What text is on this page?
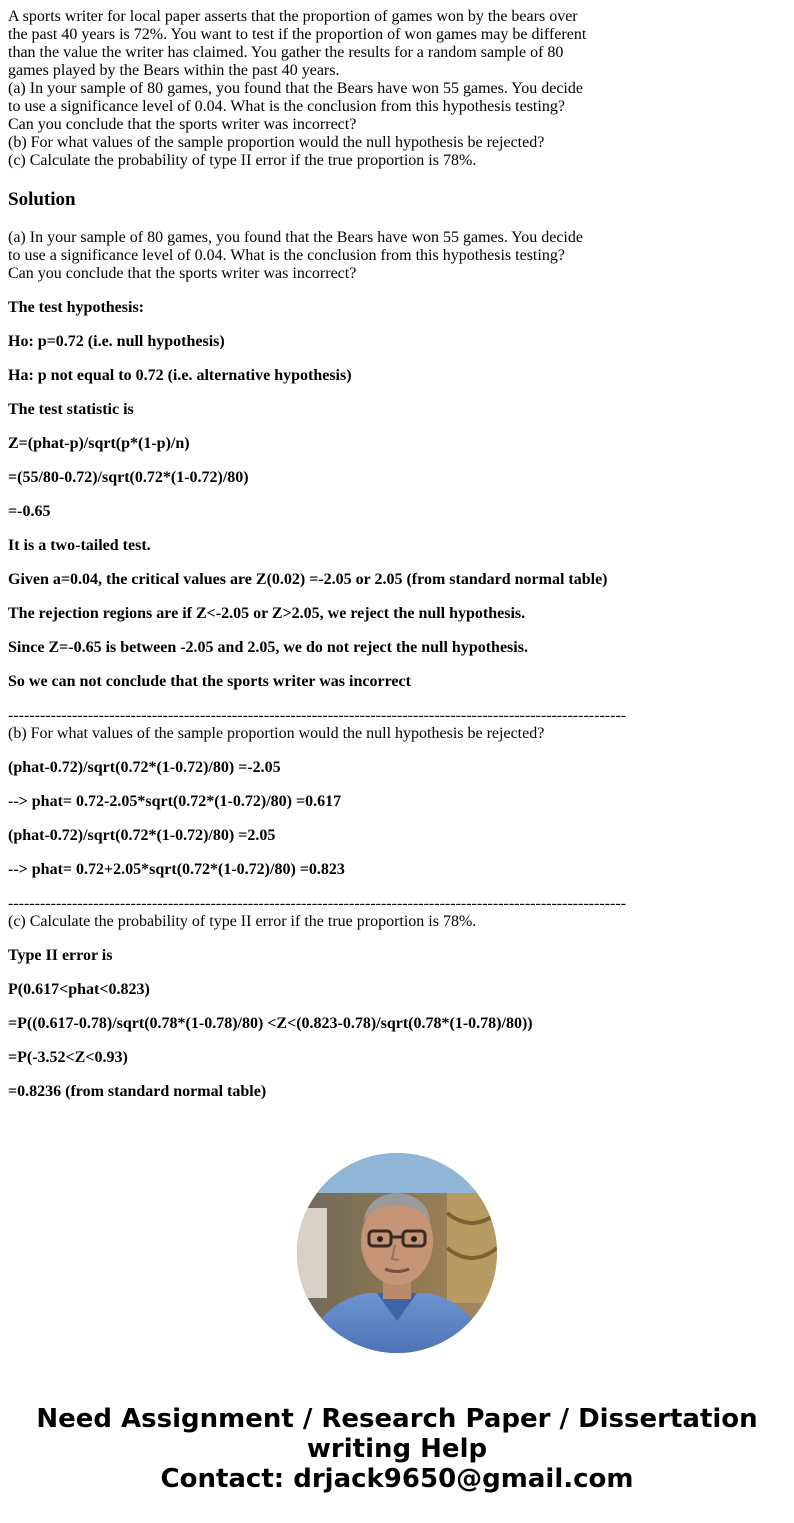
A sports writer for local paper asserts that the proportion of games won by the bears over

the past 40 years is 72%. You want to test if the proportion of won games may be different

than the value the writer has claimed. You gather the results for a random sample of 80

games played by the Bears within the past 40 years.

(a) In your sample of 80 games, you found that the Bears have won 55 games. You decide

to use a significance level of 0.04. What is the conclusion from this hypothesis testing?

Can you conclude that the sports writer was incorrect?

(b) For what values of the sample proportion would the null hypothesis be rejected?

(c) Calculate the probability of type II error if the true proportion is 78%.

Solution

(a) In your sample of 80 games, you found that the Bears have won 55 games. You decide

to use a significance level of 0.04. What is the conclusion from this hypothesis testing?

Can you conclude that the sports writer was incorrect?

The test hypothesis:

Ho: p=0.72 (i.e. null hypothesis)

Ha: p not equal to 0.72 (i.e. alternative hypothesis)

The test statistic is

Z=(phat-p)/sqrt(p*(1-p)/n)

=(55/80-0.72)/sqrt(0.72*(1-0.72)/80)

=-0.65

It is a two-tailed test.

Given a=0.04, the critical values are Z(0.02) =-2.05 or 2.05 (from standard normal table)

The rejection regions are if Z<-2.05 or Z>2.05, we reject the null hypothesis.

Since Z=-0.65 is between -2.05 and 2.05, we do not reject the null hypothesis.

So we can not conclude that the sports writer was incorrect

--------------------------------------------------------------------------------------------------------------------

(b) For what values of the sample proportion would the null hypothesis be rejected?

(phat-0.72)/sqrt(0.72*(1-0.72)/80) =-2.05

--> phat= 0.72-2.05*sqrt(0.72*(1-0.72)/80) =0.617

(phat-0.72)/sqrt(0.72*(1-0.72)/80) =2.05

--> phat= 0.72+2.05*sqrt(0.72*(1-0.72)/80) =0.823

--------------------------------------------------------------------------------------------------------------------

(c) Calculate the probability of type II error if the true proportion is 78%.

Type II error is

P(0.617<phat<0.823)

=P((0.617-0.78)/sqrt(0.78*(1-0.78)/80) <Z<(0.823-0.78)/sqrt(0.78*(1-0.78)/80))

=P(-3.52<Z<0.93)

=0.8236 (from standard normal table)

Need Assignment / Research Paper / Dissertation
writing Help
Contact: drjack9650@gmail.com
